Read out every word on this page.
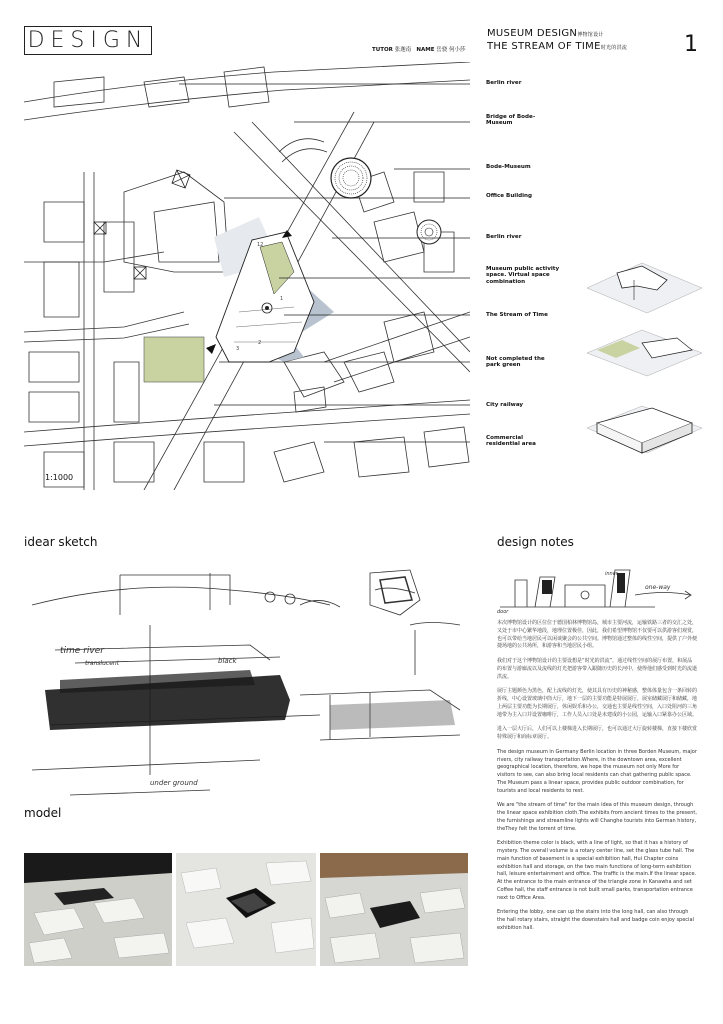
DESIGN	TUTOR 张迦南 NAME 岳骁 何小莎
MUSEUM DESIGN博物馆设计
THE STREAM OF TIME时光的洪流	1
12
1
2
3
Berlin river
Bridge of Bode-Museum
Bode-Museum
Office Building
Berlin river
Museum public activity space. Virtual space combination
The Stream of Time
Not completed the park green
City railway
Commercial residential area
1:1000
idear sketch	design notes
model
time river
translucent	black
under ground
inner
one-way
door

本次博物馆设计的区位位于德国柏林博物馆岛，城市主要河流，运输铁路三者的交汇之处，又处于市中心繁华地段，地理位置极佳，因此，我们希望博物馆不仅要可以供游客们观赏，也可以带给当地居民可以闲谈聚会的公共空间。博物馆通过整体的线性空间，提供了户外便捷场地的公共场所，和游客和当地居民小组。

我们对于这个博物馆设计的主要设想是“时光的洪流”，通过线性空间的展厅布置，和展品的布置与游廊流以及流线的灯光把游客带入跟随历史的长河中，使得他们感受到时光的流逝洪流。

展厅主题颜色为黑色，配上流线的灯光，使其具有历史的神秘感，整体体量包含一条回转的折线，中心设置玻璃中筒大厅，地下一层的主要功能是特展展厅，展室储藏展厅和储藏，地上两层主要功能为长期展厅，休闲娱乐和办公，交通也主要是线性空间，入口处阻河的三角地带为主入口并设置咖啡厅，工作人员入口处是未建成的小公园，运输入口紧靠办公区域。

进入一层大厅后，人们可以上楼梯进入长期展厅，也可以通过大厅旋转楼梯，直接下楼欣赏特殊展厅和商标章展厅。

The design museum in Germany Berlin location in three Borden Museum, major rivers, city railway transportation.Where, in the downtown area, excellent geographical location, therefore, we hope the museum not only More for visitors to see, can also bring local residents can chat gathering public space. The Museum pass a linear space, provides public outdoor combination, for tourists and local residents to rest.

We are "the stream of time" for the main idea of this museum design, through the linear space exhibition cloth.The exhibits from ancient times to the present, the furnishings and streamline lights will Changhe tourists into German history, theThey felt the torrent of time.

Exhibition theme color is black, with a line of light, so that it has a history of mystery. The overall volume is a rotary center line, set the glass tube hall. The main function of basement is a special exhibition hall, Hui Chapter coins exhibition hall and storage, on the two main functions of long-term exhibition hall, leisure entertainment and office. The traffic is the main.If the linear space. At the entrance to the main entrance of the triangle zone in Kanawha and set Coffee hall, the staff entrance is not built small parks, transportation entrance next to Office Area.

Entering the lobby, one can up the stairs into the long hall, can also through the hall rotary stairs, straight the downstairs hall and badge coin enjoy special exhibition hall.
